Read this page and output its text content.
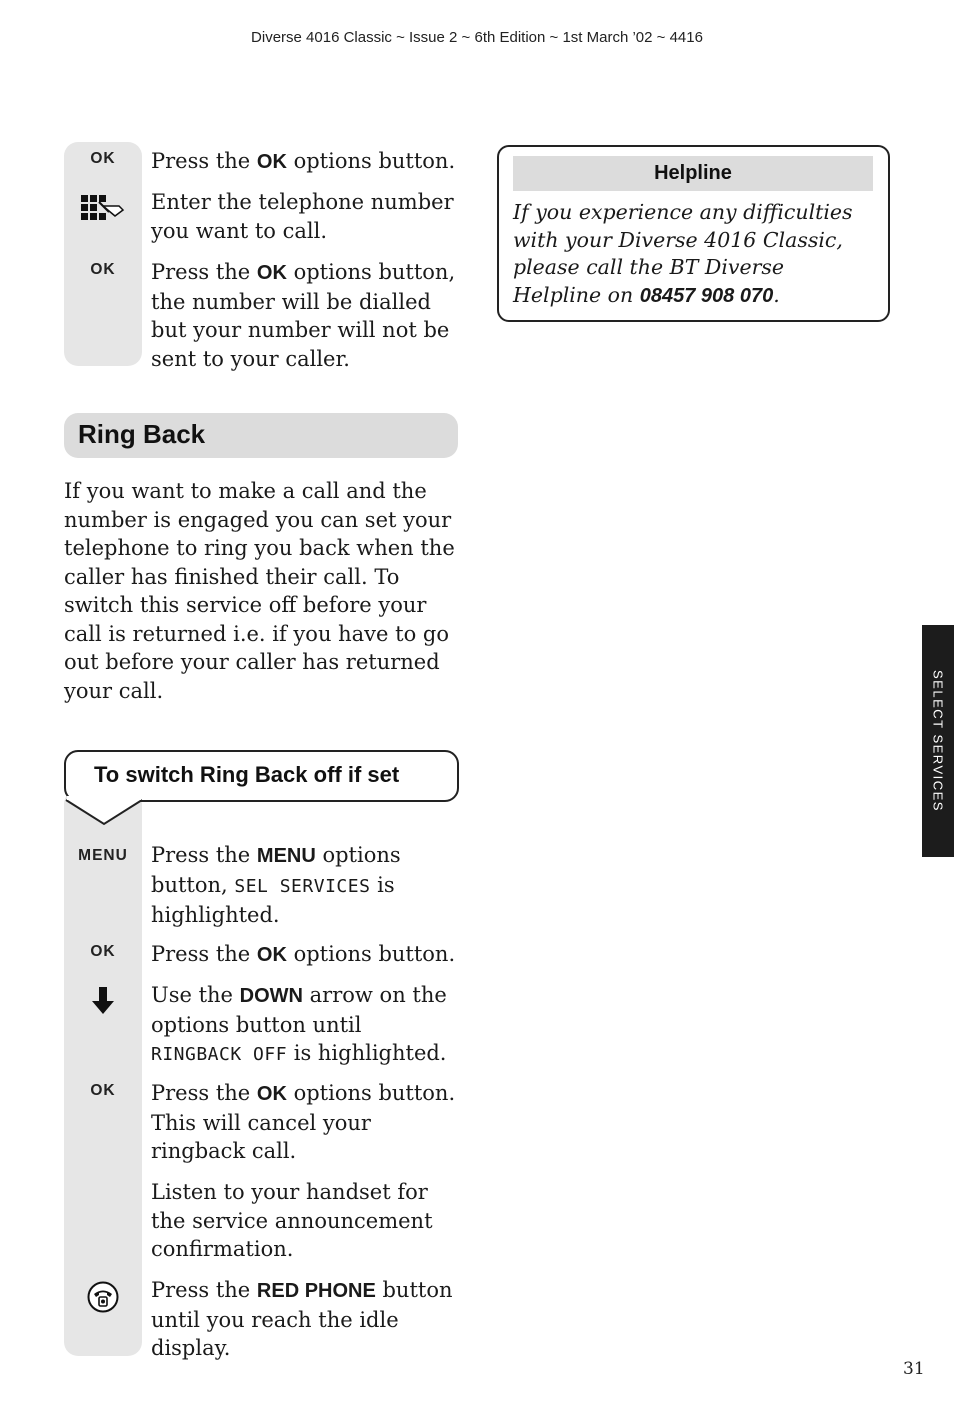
Diverse 4016 Classic ~ Issue 2 ~ 6th Edition ~ 1st March ’02 ~ 4416
OK	Press the OK options button.
Enter the telephone number you want to call.
OK	Press the OK options button, the number will be dialled but your number will not be sent to your caller.
Ring Back
If you want to make a call and the number is engaged you can set your telephone to ring you back when the caller has finished their call. To switch this service off before your call is returned i.e. if you have to go out before your caller has returned your call.
To switch Ring Back off if set
MENU	Press the MENU options button, SEL SERVICES is highlighted.
OK	Press the OK options button.
Use the DOWN arrow on the options button until RINGBACK OFF is highlighted.
OK	Press the OK options button. This will cancel your ringback call.
Listen to your handset for the service announcement confirmation.
Press the RED PHONE button until you reach the idle display.
Helpline
If you experience any difficulties with your Diverse 4016 Classic, please call the BT Diverse Helpline on 08457 908 070.
SELECT SERVICES
31
